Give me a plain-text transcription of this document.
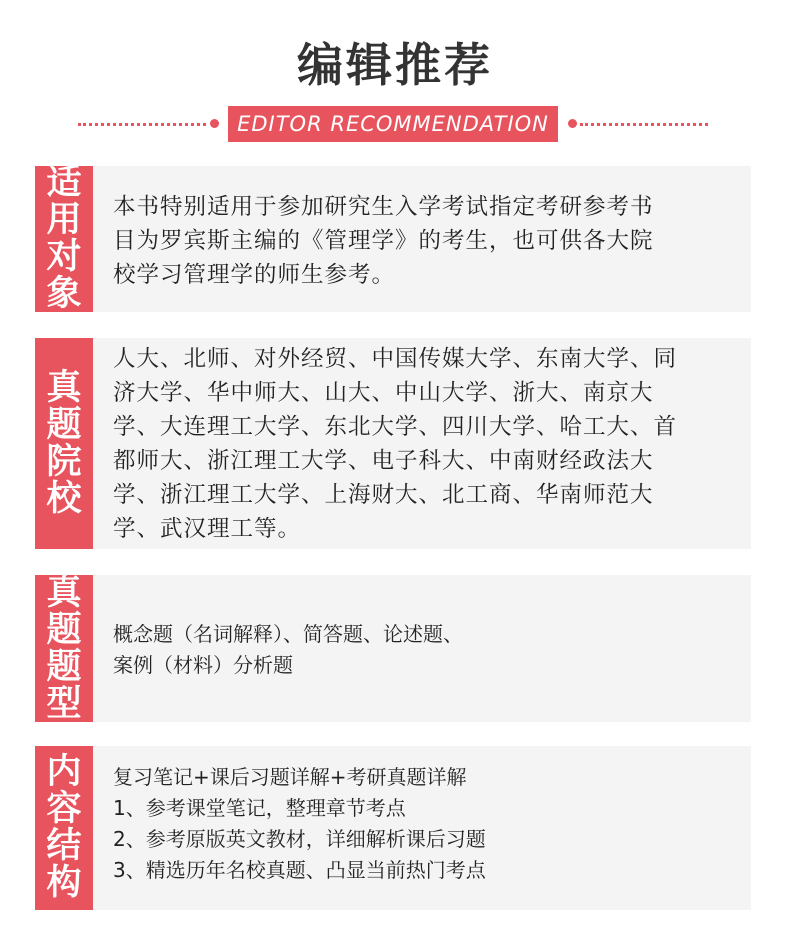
编辑推荐
EDITOR RECOMMENDATION
适
用
对
象
本书特别适用于参加研究生入学考试指定考研参考书
目为罗宾斯主编的《管理学》的考生，也可供各大院
校学习管理学的师生参考。
真
题
院
校
人大、北师、对外经贸、中国传媒大学、东南大学、同
济大学、华中师大、山大、中山大学、浙大、南京大
学、大连理工大学、东北大学、四川大学、哈工大、首
都师大、浙江理工大学、电子科大、中南财经政法大
学、浙江理工大学、上海财大、北工商、华南师范大
学、武汉理工等。
真
题
题
型
概念题（名词解释）、简答题、论述题、
案例（材料）分析题
内
容
结
构
复习笔记+课后习题详解+考研真题详解
1、参考课堂笔记，整理章节考点
2、参考原版英文教材，详细解析课后习题
3、精选历年名校真题、凸显当前热门考点
